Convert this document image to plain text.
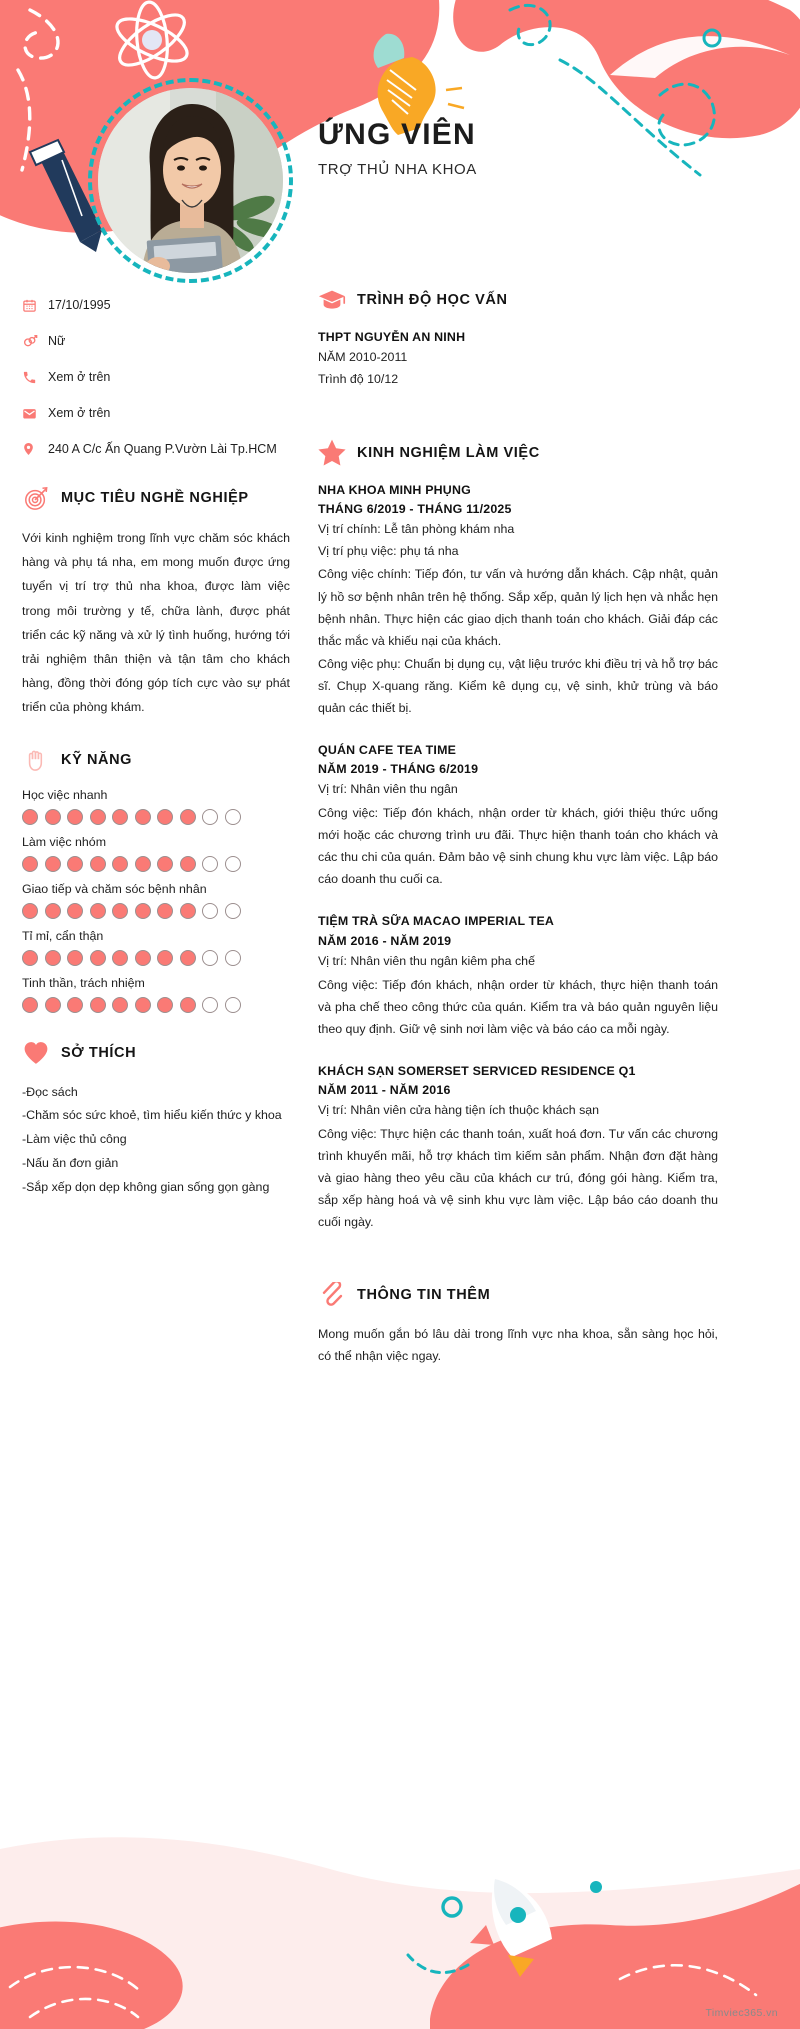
ỨNG VIÊN
TRỢ THỦ NHA KHOA
17/10/1995
Nữ
Xem ở trên
Xem ở trên
240 A C/c Ấn Quang P.Vườn Lài Tp.HCM
MỤC TIÊU NGHỀ NGHIỆP
Với kinh nghiệm trong lĩnh vực chăm sóc khách hàng và phụ tá nha, em mong muốn được ứng tuyển vị trí trợ thủ nha khoa, được làm việc trong môi trường y tế, chữa lành, được phát triển các kỹ năng và xử lý tình huống, hướng tới trải nghiệm thân thiện và tận tâm cho khách hàng, đồng thời đóng góp tích cực vào sự phát triển của phòng khám.
KỸ NĂNG
Học việc nhanh
Làm việc nhóm
Giao tiếp và chăm sóc bệnh nhân
Tỉ mỉ, cẩn thận
Tinh thần, trách nhiệm
SỞ THÍCH
-Đọc sách
-Chăm sóc sức khoẻ, tìm hiểu kiến thức y khoa
-Làm việc thủ công
-Nấu ăn đơn giản
-Sắp xếp dọn dẹp không gian sống gọn gàng
TRÌNH ĐỘ HỌC VẤN
THPT NGUYỄN AN NINH
NĂM 2010-2011
Trình độ 10/12
KINH NGHIỆM LÀM VIỆC
NHA KHOA MINH PHỤNG
THÁNG 6/2019 - THÁNG 11/2025
Vị trí chính: Lễ tân phòng khám nha
Vị trí phụ việc: phụ tá nha
Công việc chính: Tiếp đón, tư vấn và hướng dẫn khách. Cập nhật, quản lý hồ sơ bệnh nhân trên hệ thống. Sắp xếp, quản lý lịch hẹn và nhắc hẹn bệnh nhân. Thực hiện các giao dịch thanh toán cho khách. Giải đáp các thắc mắc và khiếu nại của khách.
Công việc phụ: Chuẩn bị dụng cụ, vật liệu trước khi điều trị và hỗ trợ bác sĩ. Chụp X-quang răng. Kiểm kê dụng cụ, vệ sinh, khử trùng và báo quản các thiết bị.
QUÁN CAFE TEA TIME
NĂM 2019 - THÁNG 6/2019
Vị trí: Nhân viên thu ngân
Công việc: Tiếp đón khách, nhận order từ khách, giới thiệu thức uống mới hoặc các chương trình ưu đãi. Thực hiện thanh toán cho khách và các thu chi của quán. Đảm bảo vệ sinh chung khu vực làm việc. Lập báo cáo doanh thu cuối ca.
TIỆM TRÀ SỮA MACAO IMPERIAL TEA
NĂM 2016 - NĂM 2019
Vị trí: Nhân viên thu ngân kiêm pha chế
Công việc: Tiếp đón khách, nhận order từ khách, thực hiện thanh toán và pha chế theo công thức của quán. Kiểm tra và báo quản nguyên liệu theo quy định. Giữ vệ sinh nơi làm việc và báo cáo ca mỗi ngày.
KHÁCH SẠN SOMERSET SERVICED RESIDENCE Q1
NĂM 2011 - NĂM 2016
Vị trí: Nhân viên cửa hàng tiện ích thuộc khách sạn
Công việc: Thực hiện các thanh toán, xuất hoá đơn. Tư vấn các chương trình khuyến mãi, hỗ trợ khách tìm kiếm sản phẩm. Nhận đơn đặt hàng và giao hàng theo yêu cầu của khách cư trú, đóng gói hàng. Kiểm tra, sắp xếp hàng hoá và vệ sinh khu vực làm việc. Lập báo cáo doanh thu cuối ngày.
THÔNG TIN THÊM
Mong muốn gắn bó lâu dài trong lĩnh vực nha khoa, sẵn sàng học hỏi, có thể nhận việc ngay.
Timviec365.vn
